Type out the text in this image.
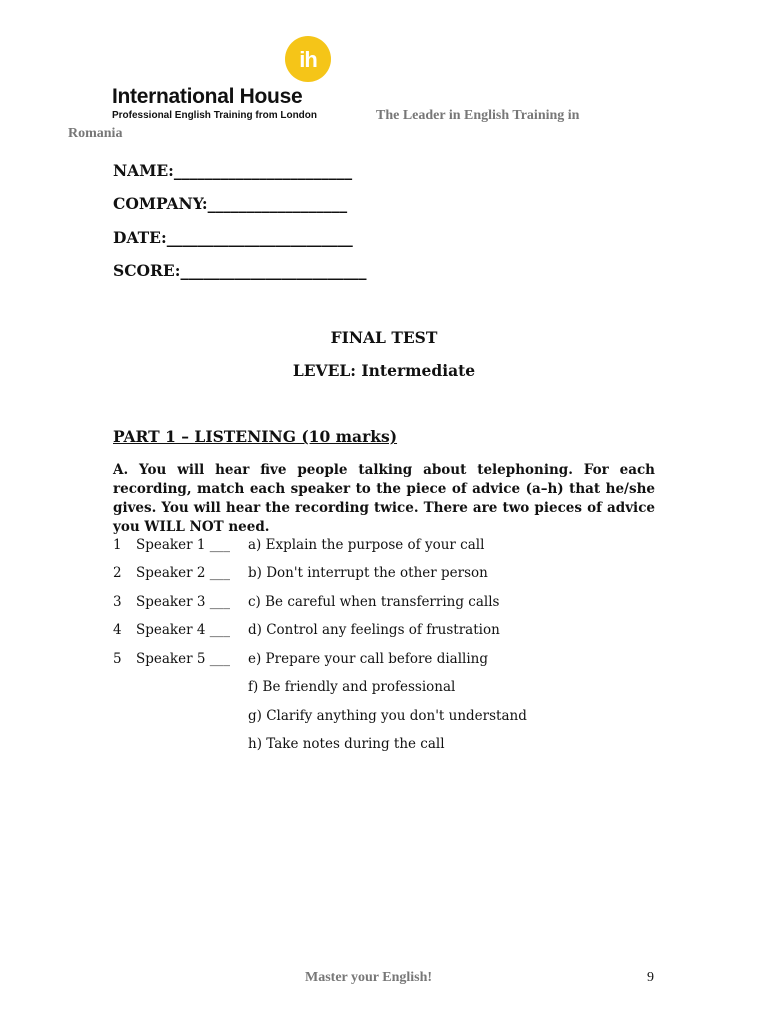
ih
International House
Professional English Training from London	The Leader in English Training in
Romania
NAME:_______________________
COMPANY:__________________
DATE:________________________
SCORE:________________________
FINAL TEST
LEVEL: Intermediate
PART 1 – LISTENING (10 marks)
A. You will hear five people talking about telephoning. For each recording, match each speaker to the piece of advice (a–h) that he/she gives. You will hear the recording twice. There are two pieces of advice you WILL NOT need.
1 Speaker 1 ___
2 Speaker 2 ___
3 Speaker 3 ___
4 Speaker 4 ___
5 Speaker 5 ___
a) Explain the purpose of your call
b) Don't interrupt the other person
c) Be careful when transferring calls
d) Control any feelings of frustration
e) Prepare your call before dialling
f) Be friendly and professional
g) Clarify anything you don't understand
h) Take notes during the call
Master your English!	9
